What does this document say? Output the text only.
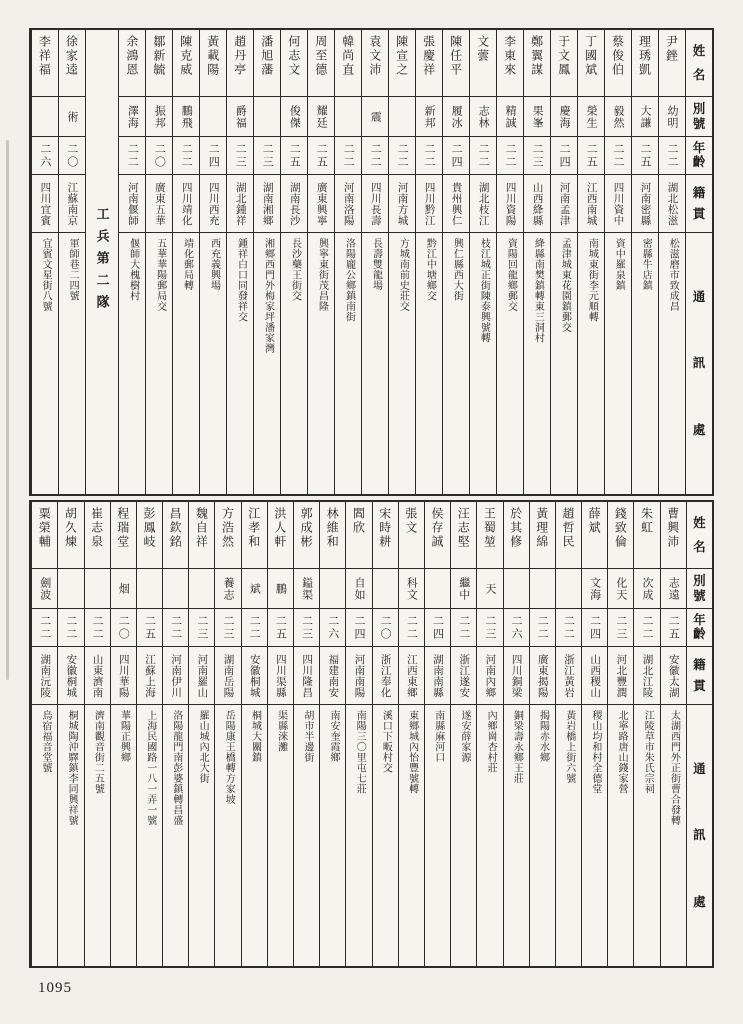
姓
名
別
號
年
齡
籍
貫
通
訊
處
尹銼
幼明
二二
湖北松滋
松滋磨市致成昌
理琇凱
大謙
二五
河南密縣
密縣牛店鎮
蔡俊伯
毅然
二二
四川資中
資中羅泉鎮
丁國斌
榮生
二五
江西南城
南城東街李元順轉
于文鳳
慶海
二四
河南孟津
孟津城東花園鎮郵交
鄭翼謀
果峯
二三
山西絳縣
絳縣南樊鎮轉東三洞村
李東來
精誠
二二
四川資陽
資陽回龍鄉郵交
文蕓
志林
二二
湖北枝江
枝江城正街陳泰興號轉
陳任平
履冰
二四
貴州興仁
興仁縣西大街
張慶祥
新邦
二二
四川黔江
黔江中塘鄉交
陳宣之
二二
河南方城
方城南前史莊交
袁文沛
震
二二
四川長壽
長壽雙龍場
韓尚直
二二
河南洛陽
洛陽龐公鄉鎮南街
周至德
耀廷
二五
廣東興寧
興寧東街茂昌隆
何志文
俊傑
二五
湖南長沙
長沙藥王街交
潘旭藩
二三
湖南湘鄉
湘鄉西門外梅家坪潘家灣
趙丹亭
爵福
二三
湖北鍾祥
鍾祥白口同發祥交
黃載陽
二四
四川西充
西充義興場
陳克威
鵬飛
二二
四川靖化
靖化郵局轉
鄒新毓
振邦
二〇
廣東五華
五華華陽郵局交
余鴻恩
澤海
二二
河南偃師
偃師大槐樹村
工兵第二隊
徐家逵
術
二〇
江蘇南京
軍師巷二四號
李祥福
二六
四川宜賓
宜賓文星街八號
姓
名
別
號
年
齡
籍
貫
通
訊
處
曹興沛
志遠
二五
安徽太湖
太湖西門外正街曹合發轉
朱虹
次成
二二
湖北江陵
江陵草市朱氏宗祠
錢致倫
化天
二三
河北豐潤
北寧路唐山錢家營
薛斌
文海
二四
山西稷山
稷山均和村全德堂
趙哲民
二二
浙江黃岩
黃岩橋上街六號
黃理綿
二二
廣東揭陽
揭陽赤水鄉
於其修
二六
四川銅梁
銅梁壽永鄉王莊
王蜀堃
天
二三
河南內鄉
內鄉崗杏村莊
汪志堅
繼中
二二
浙江遂安
遂安薛家源
侯存誠
二四
湖南南縣
南縣麻河口
張文
科文
二二
江西東鄉
東鄉城內怡豐號轉
宋時耕
二〇
浙江奉化
溪口下畈村交
閻欣
自如
二四
河南南陽
南陽三〇里屯七莊
林維和
二六
福建南安
南安奎霞鄉
郭成彬
鎰渠
二三
四川隆昌
胡市半邊街
洪人軒
鵬
二五
四川渠縣
渠縣淶灘
江孝和
斌
二二
安徽桐城
桐城大關鎮
方浩然
養志
二三
湖南岳陽
岳陽康王橋轉方家坡
魏自祥
二三
河南羅山
羅山城內北大街
昌欽銘
二二
河南伊川
洛陽龍門南彭婆鎮轉昌盛
彭鳳岐
二五
江蘇上海
上海民國路一八一弄一號
程瑞堂
烟
二〇
四川華陽
華陽正興鄉
崔志泉
二二
山東濟南
濟南觀音街二五號
胡久煉
二二
安徽桐城
桐城陶沖驛鎮李同興祥號
粟榮輔
劍波
二二
湖南沅陵
烏宿福音堂號
1095
